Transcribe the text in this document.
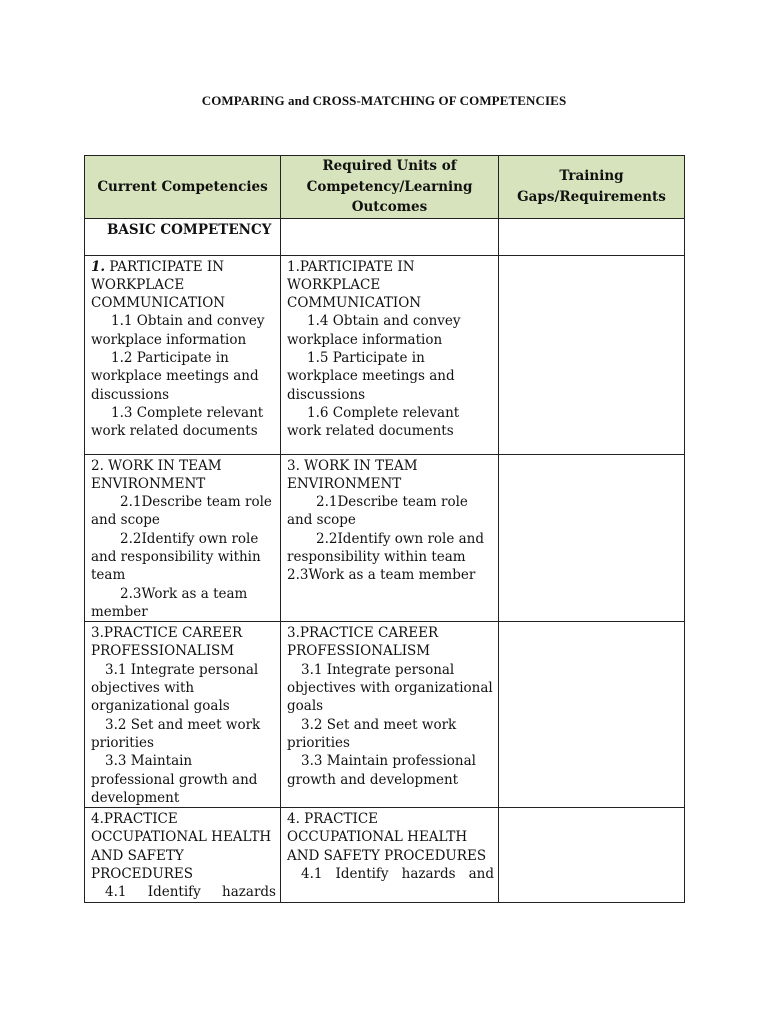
COMPARING and CROSS-MATCHING OF COMPETENCIES
Current Competencies	Required Units of Competency/Learning Outcomes	Training Gaps/Requirements

BASIC COMPETENCY		

1. PARTICIPATE IN WORKPLACE COMMUNICATION
1.1 Obtain and convey workplace information
1.2 Participate in workplace meetings and discussions
1.3 Complete relevant work related documents	1.PARTICIPATE IN WORKPLACE COMMUNICATION
1.4 Obtain and convey workplace information
1.5 Participate in workplace meetings and discussions
1.6 Complete relevant work related documents	

2. WORK IN TEAM ENVIRONMENT
2.1Describe team role and scope
2.2Identify own role and responsibility within team
2.3Work as a team member	3. WORK IN TEAM ENVIRONMENT
2.1Describe team role and scope
2.2Identify own role and responsibility within team
2.3Work as a team member	

3.PRACTICE CAREER PROFESSIONALISM
3.1 Integrate personal objectives with organizational goals
3.2 Set and meet work priorities
3.3 Maintain professional growth and development	3.PRACTICE CAREER PROFESSIONALISM
3.1 Integrate personal objectives with organizational goals
3.2 Set and meet work priorities
3.3 Maintain professional growth and development	

4.PRACTICE OCCUPATIONAL HEALTH AND SAFETY PROCEDURES
4.1 Identify hazards	4. PRACTICE OCCUPATIONAL HEALTH AND SAFETY PROCEDURES
4.1 Identify hazards and	
